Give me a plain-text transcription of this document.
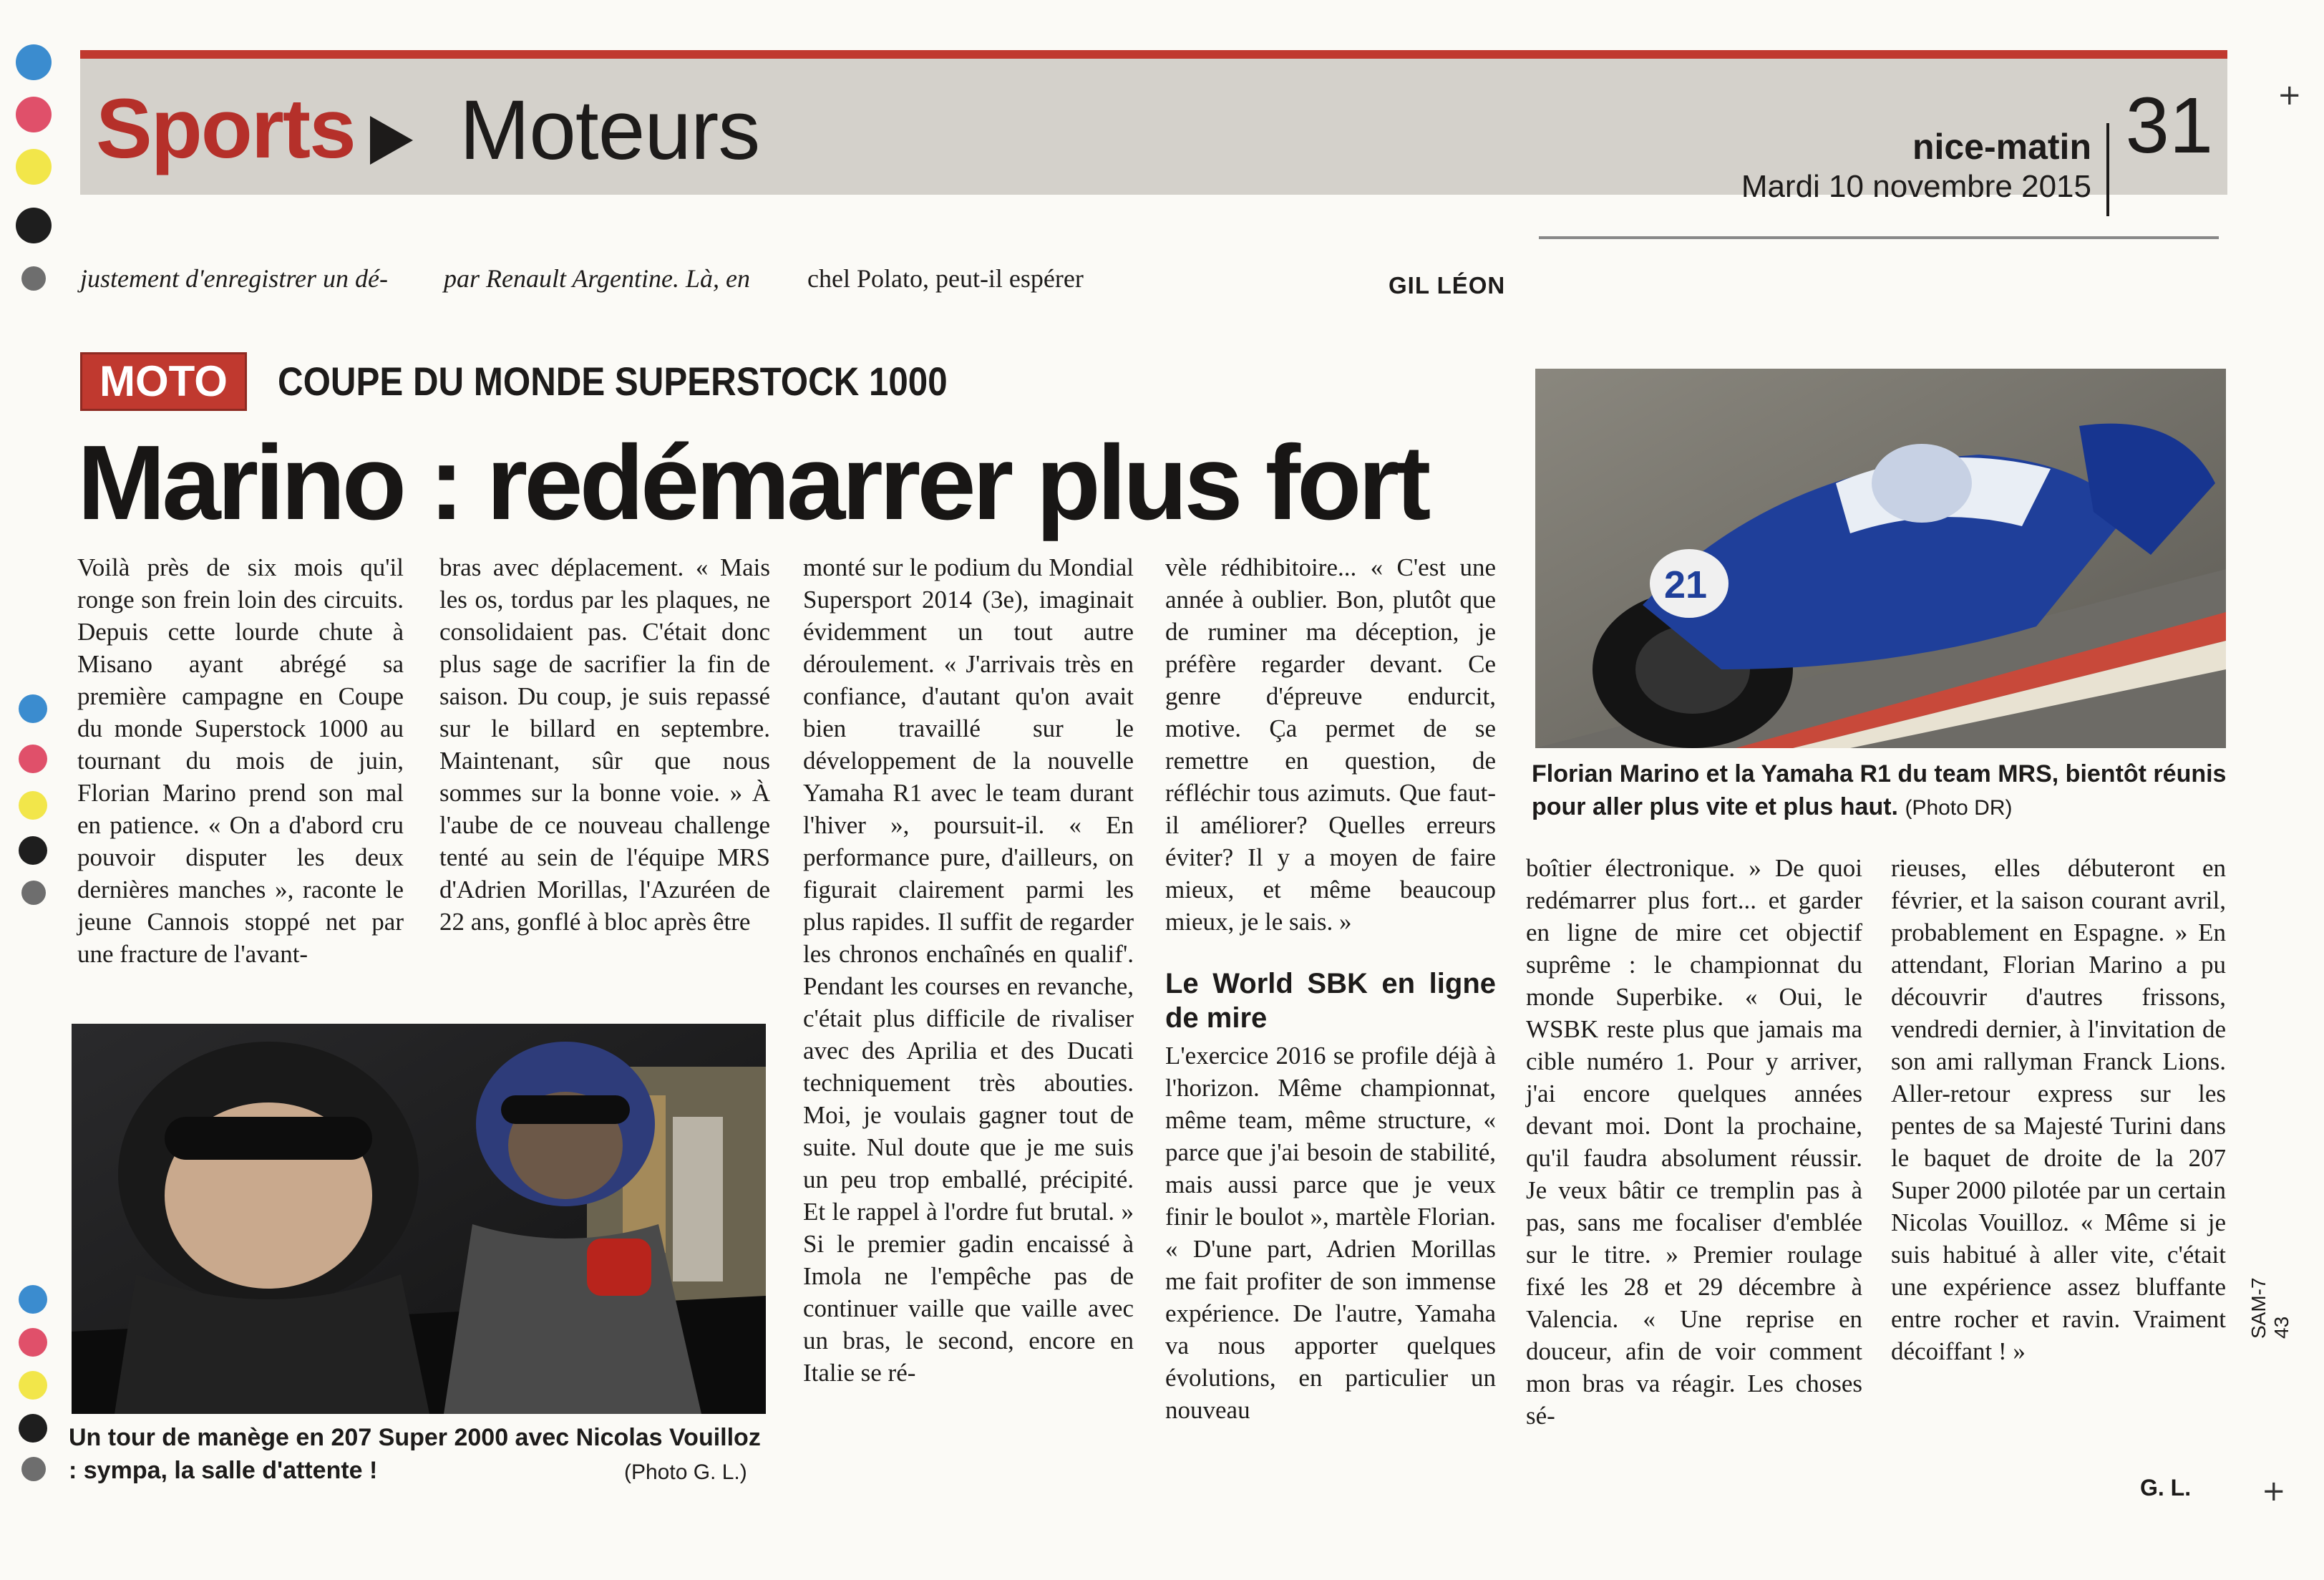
Sports Moteurs	nice-matin
Mardi 10 novembre 2015
31
justement d'enregistrer un dé- par Renault Argentine. Là, en chel Polato, peut-il espérer	GIL LÉON
MOTO	COUPE DU MONDE SUPERSTOCK 1000
Marino : redémarrer plus fort

Voilà près de six mois qu'il ronge son frein loin des circuits. Depuis cette lourde chute à Misano ayant abrégé sa première campagne en Coupe du monde Superstock 1000 au tournant du mois de juin, Florian Marino prend son mal en patience. « On a d'abord cru pouvoir disputer les deux dernières manches », raconte le jeune Cannois stoppé net par une fracture de l'avant-

bras avec déplacement. « Mais les os, tordus par les plaques, ne consolidaient pas. C'était donc plus sage de sacrifier la fin de saison. Du coup, je suis repassé sur le billard en septembre. Maintenant, sûr que nous sommes sur la bonne voie. » À l'aube de ce nouveau challenge tenté au sein de l'équipe MRS d'Adrien Morillas, l'Azuréen de 22 ans, gonflé à bloc après être

monté sur le podium du Mondial Supersport 2014 (3e), imaginait évidemment un tout autre déroulement. « J'arrivais très en confiance, d'autant qu'on avait bien travaillé sur le développement de la nouvelle Yamaha R1 avec le team durant l'hiver », poursuit-il. « En performance pure, d'ailleurs, on figurait clairement parmi les plus rapides. Il suffit de regarder les chronos enchaînés en qualif'. Pendant les courses en revanche, c'était plus difficile de rivaliser avec des Aprilia et des Ducati techniquement très abouties. Moi, je voulais gagner tout de suite. Nul doute que je me suis un peu trop emballé, précipité. Et le rappel à l'ordre fut brutal. » Si le premier gadin encaissé à Imola ne l'empêche pas de continuer vaille que vaille avec un bras, le second, encore en Italie se ré-

vèle rédhibitoire... « C'est une année à oublier. Bon, plutôt que de ruminer ma déception, je préfère regarder devant. Ce genre d'épreuve endurcit, motive. Ça permet de se remettre en question, de réfléchir tous azimuts. Que faut-il améliorer? Quelles erreurs éviter? Il y a moyen de faire mieux, et même beaucoup mieux, je le sais. »

Le World SBK en ligne de mire

L'exercice 2016 se profile déjà à l'horizon. Même championnat, même team, même structure, « parce que j'ai besoin de stabilité, mais aussi parce que je veux finir le boulot », martèle Florian. « D'une part, Adrien Morillas me fait profiter de son immense expérience. De l'autre, Yamaha va nous apporter quelques évolutions, en particulier un nouveau

boîtier électronique. » De quoi redémarrer plus fort... et garder en ligne de mire cet objectif suprême : le championnat du monde Superbike. « Oui, le WSBK reste plus que jamais ma cible numéro 1. Pour y arriver, j'ai encore quelques années devant moi. Dont la prochaine, qu'il faudra absolument réussir. Je veux bâtir ce tremplin pas à pas, sans me focaliser d'emblée sur le titre. » Premier roulage fixé les 28 et 29 décembre à Valencia. « Une reprise en douceur, afin de voir comment mon bras va réagir. Les choses sé-

rieuses, elles débuteront en février, et la saison courant avril, probablement en Espagne. » En attendant, Florian Marino a pu découvrir d'autres frissons, vendredi dernier, à l'invitation de son ami rallyman Franck Lions. Aller-retour express sur les pentes de sa Majesté Turini dans le baquet de droite de la 207 Super 2000 pilotée par un certain Nicolas Vouilloz. « Même si je suis habitué à aller vite, c'était une expérience assez bluffante entre rocher et ravin. Vraiment décoiffant ! »

G. L.
Un tour de manège en 207 Super 2000 avec Nicolas Vouilloz : sympa, la salle d'attente !	(Photo G. L.)
21
Florian Marino et la Yamaha R1 du team MRS, bientôt réunis pour aller plus vite et plus haut. (Photo DR)
SAM-7 43
+
+
